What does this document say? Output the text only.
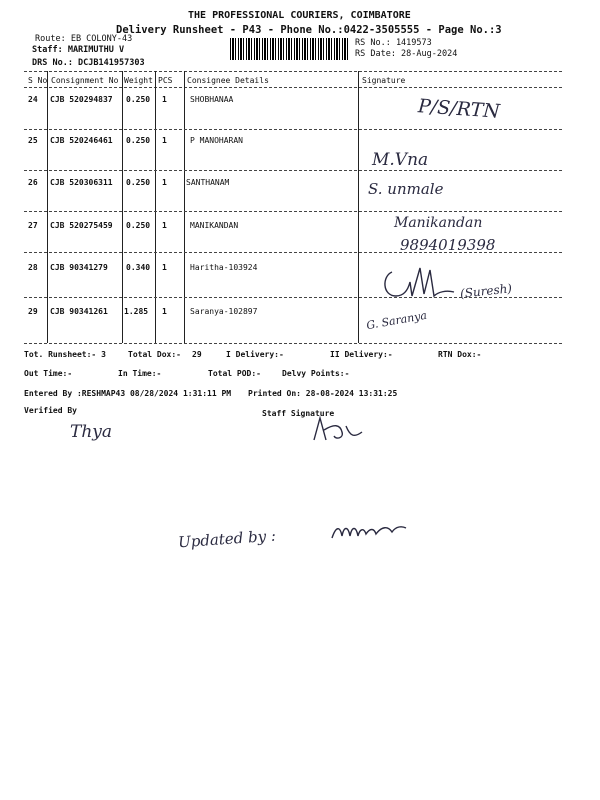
THE PROFESSIONAL COURIERS, COIMBATORE
Delivery Runsheet - P43 - Phone No.:0422-3505555 - Page No.:3
Route: EB COLONY-43
Staff: MARIMUTHU V
DRS No.: DCJB141957303
RS No.: 1419573
RS Date: 28-Aug-2024
S No Consignment No Weight PCS Consignee Details	Signature
24 CJB 520294837 0.250 1	SHOBHANAA	P/S/RTN
25 CJB 520246461 0.250 1	P MANOHARAN
M.Vna
26 CJB 520306311 0.250 1 SANTHANAM	S. unmale
27 CJB 520275459 0.250 1	MANIKANDAN	Manikandan
9894019398
28 CJB 90341279 0.340 1	Haritha-103924
(Suresh)
29 CJB 90341261 1.285 1	Saranya-102897	G. Saranya
Tot. Runsheet:- 3	Total Dox:- 29	I Delivery:-	II Delivery:-	RTN Dox:-
Out Time:-	In Time:-	Total POD:-	Delvy Points:-
Entered By :RESHMAP43 08/28/2024 1:31:11 PM Printed On: 28-08-2024 13:31:25
Verified By	Staff Signature
Thya
Updated by :
